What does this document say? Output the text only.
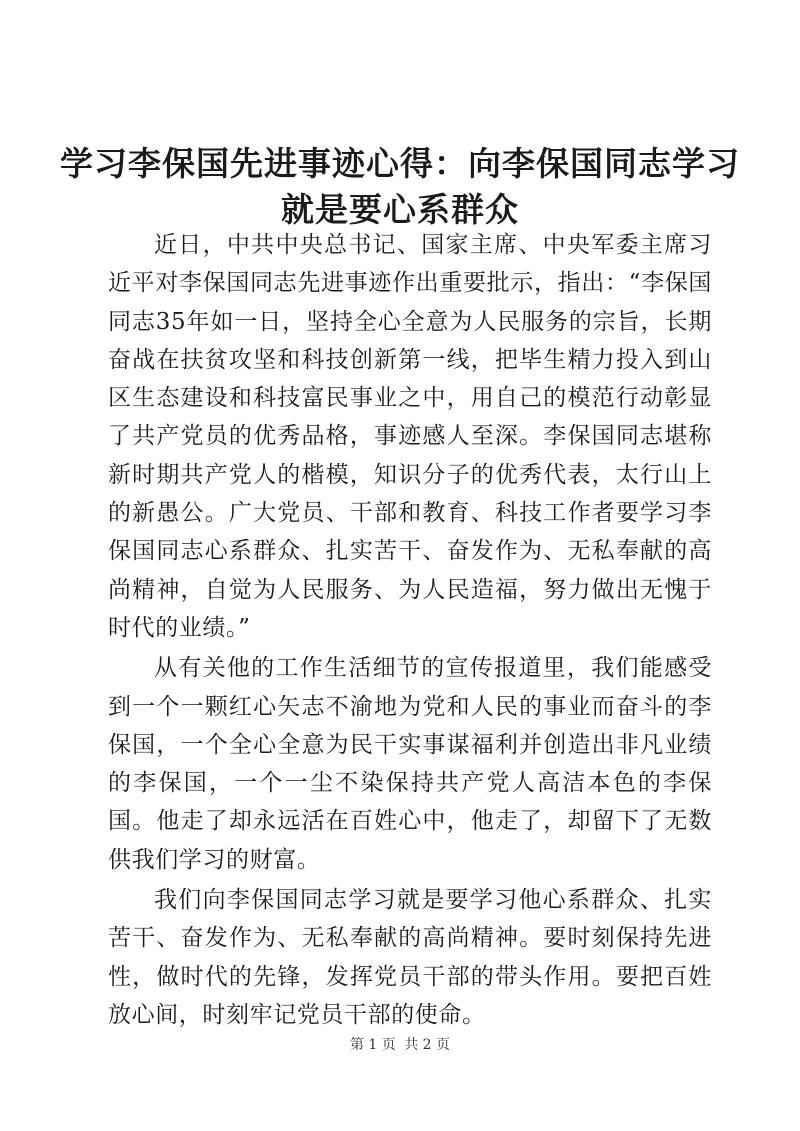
学习李保国先进事迹心得：向李保国同志学习
就是要心系群众

近日，中共中央总书记、国家主席、中央军委主席习近平对李保国同志先进事迹作出重要批示，指出：“李保国同志35年如一日，坚持全心全意为人民服务的宗旨，长期奋战在扶贫攻坚和科技创新第一线，把毕生精力投入到山区生态建设和科技富民事业之中，用自己的模范行动彰显了共产党员的优秀品格，事迹感人至深。李保国同志堪称新时期共产党人的楷模，知识分子的优秀代表，太行山上的新愚公。广大党员、干部和教育、科技工作者要学习李保国同志心系群众、扎实苦干、奋发作为、无私奉献的高尚精神，自觉为人民服务、为人民造福，努力做出无愧于时代的业绩。”

从有关他的工作生活细节的宣传报道里，我们能感受到一个一颗红心矢志不渝地为党和人民的事业而奋斗的李保国，一个全心全意为民干实事谋福利并创造出非凡业绩的李保国，一个一尘不染保持共产党人高洁本色的李保国。他走了却永远活在百姓心中，他走了，却留下了无数供我们学习的财富。

我们向李保国同志学习就是要学习他心系群众、扎实苦干、奋发作为、无私奉献的高尚精神。要时刻保持先进性，做时代的先锋，发挥党员干部的带头作用。要把百姓放心间，时刻牢记党员干部的使命。

第 1 页 共 2 页
